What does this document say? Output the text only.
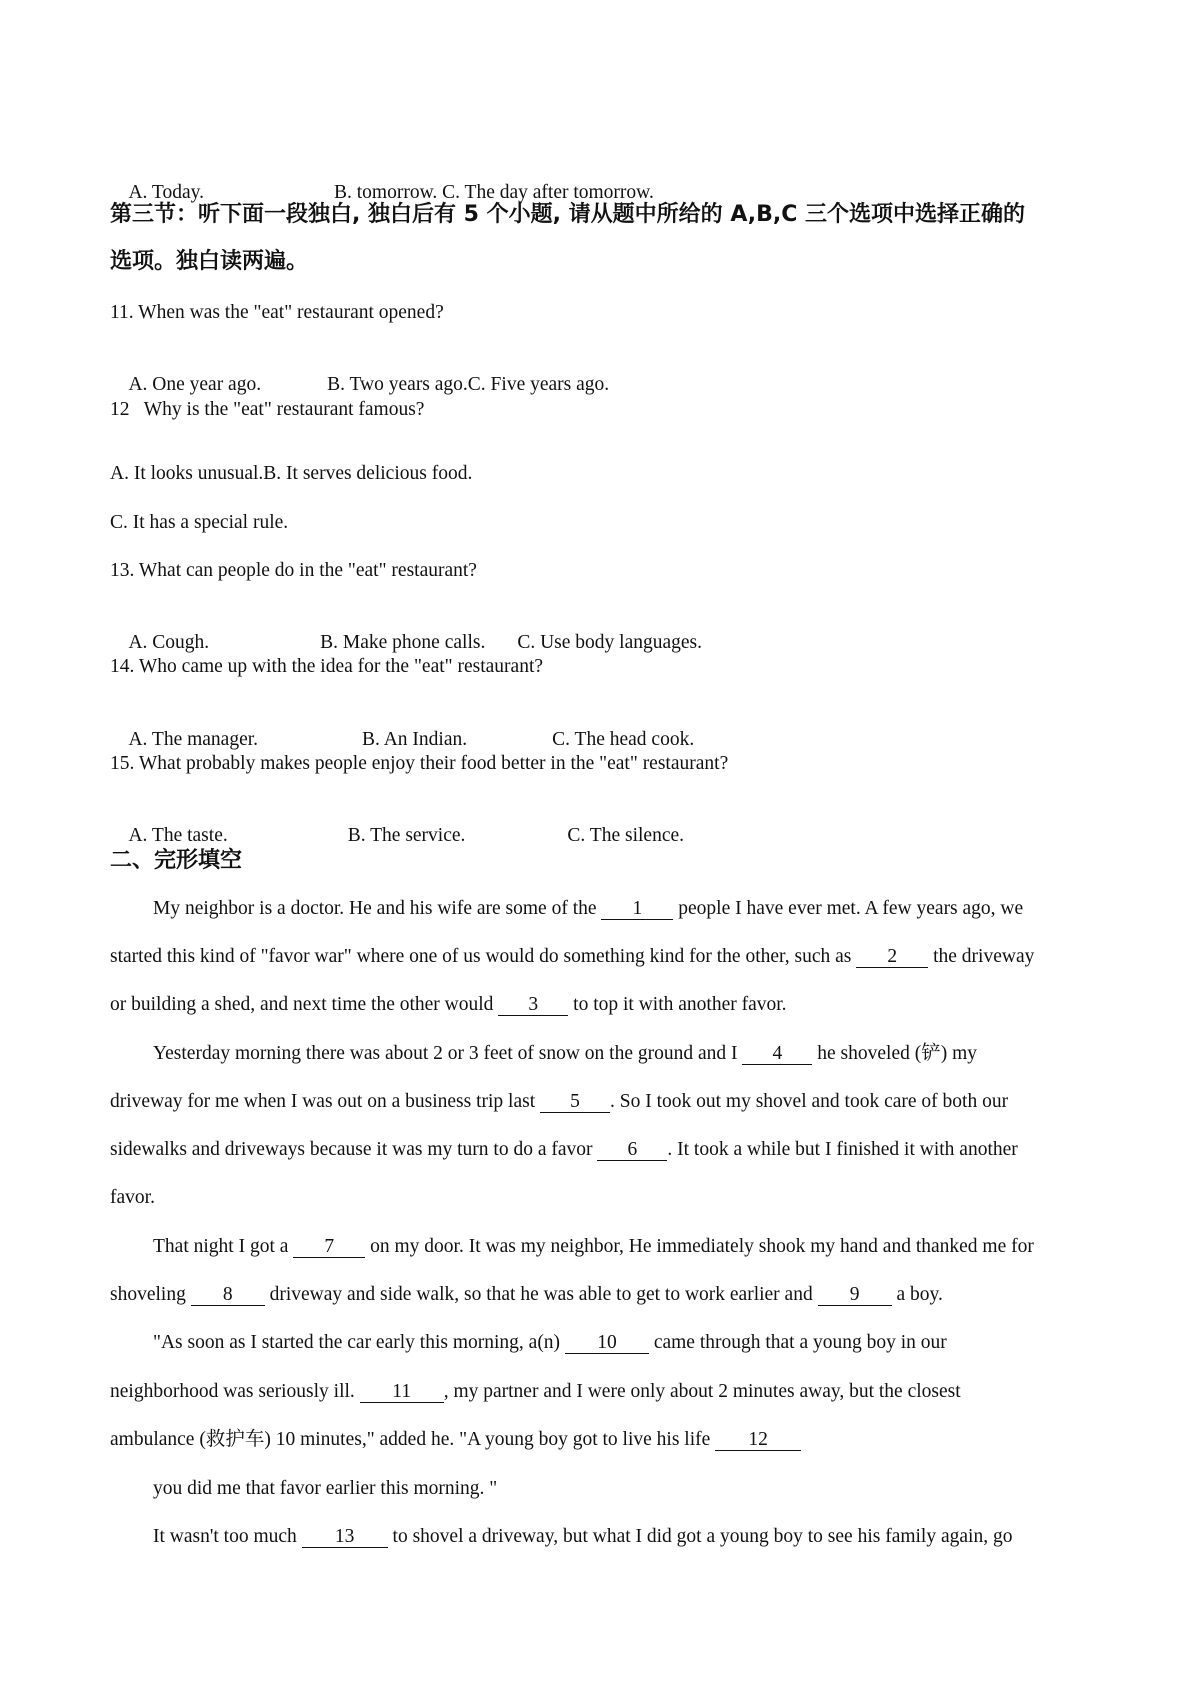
A. Today.	B. tomorrow. C. The day after tomorrow.

第三节：听下面一段独白, 独白后有 5 个小题, 请从题中所给的 A,B,C 三个选项中选择正确的
选项。独白读两遍。
11. When was the "eat" restaurant opened?

A. One year ago.	B. Two years ago.C. Five years ago.

12   Why is the "eat" restaurant famous?
A. It looks unusual.B. It serves delicious food.
C. It has a special rule.
13. What can people do in the "eat" restaurant?

A. Cough.	B. Make phone calls. C. Use body languages.

14. Who came up with the idea for the "eat" restaurant?

A. The manager.	B. An Indian.	C. The head cook.

15. What probably makes people enjoy their food better in the "eat" restaurant?

A. The taste.	B. The service.	C. The silence.

二、完形填空
My neighbor is a doctor. He and his wife are some of the 1 people I have ever met. A few years ago, we
started this kind of "favor war" where one of us would do something kind for the other, such as 2 the driveway
or building a shed, and next time the other would 3 to top it with another favor.
Yesterday morning there was about 2 or 3 feet of snow on the ground and I 4 he shoveled (铲) my
driveway for me when I was out on a business trip last 5 . So I took out my shovel and took care of both our
sidewalks and driveways because it was my turn to do a favor 6 . It took a while but I finished it with another
favor.
That night I got a 7 on my door. It was my neighbor, He immediately shook my hand and thanked me for
shoveling 8 driveway and side walk, so that he was able to get to work earlier and 9 a boy.
"As soon as I started the car early this morning, a(n) 10 came through that a young boy in our
neighborhood was seriously ill. 11 , my partner and I were only about 2 minutes away, but the closest
ambulance (救护车) 10 minutes," added he. "A young boy got to live his life 12
you did me that favor earlier this morning. "
It wasn't too much 13 to shovel a driveway, but what I did got a young boy to see his family again, go
